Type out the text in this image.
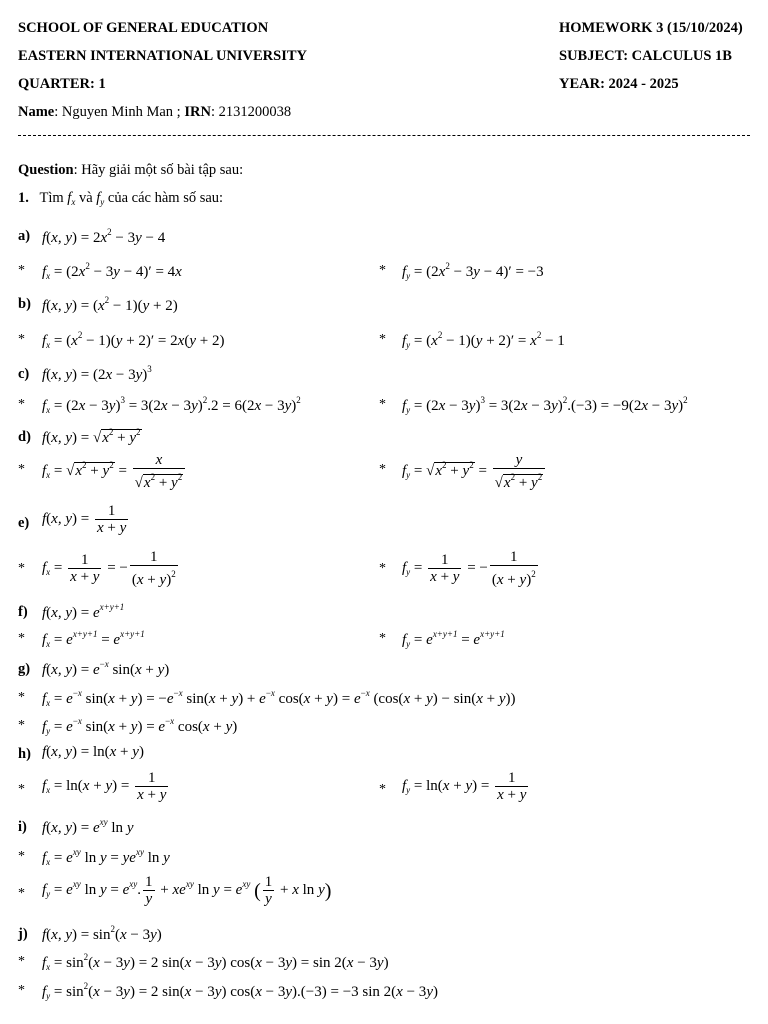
SCHOOL OF GENERAL EDUCATION
EASTERN INTERNATIONAL UNIVERSITY
QUARTER: 1
HOMEWORK 3 (15/10/2024)
SUBJECT: CALCULUS 1B
YEAR: 2024 - 2025
Name: Nguyen Minh Man ; IRN: 2131200038
Question: Hãy giải một số bài tập sau:
1. Tìm $f_x$ và $f_y$ của các hàm số sau:
a) f(x, $y) = 2x^2 - 3y - 4$
* $f_x = (2x^2 - 3y - 4)' = 4x$	* $f_y = (2x^2 - 3y - 4)' = -3$
b) f(x, $y) = (x^2 - 1)(y + 2)$
* $f_x = (x^2 - 1)(y + 2)' = 2x(y + 2)$	* $f_y = (x^2 - 1)(y + 2)' = x^2 - 1$
c) f(x, $y) = (2x - 3y)^3$
* $f_x = (2x - 3y)^3 = 3(2x - 3y)^2.2 = 6(2x - 3y)^2$	* $f_y = (2x - 3y)^3 = 3(2x - 3y)^2.(-3) = -9(2x - 3y)^2$
d) f(x, $y) = √x^2 + y^2$
* $f_x = √x^2 + y^2 = \frac{x}{√x^2 + y^2}$	* $f_y = √x^2 + y^2 = \frac{y}{√x^2 + y^2}$
e) f(x, $y) = \frac{1}{x + y}$
* $f_x = \frac{1}{x + y}$ = − $\frac{1}{(x + y)^2}$	* $f_y = \frac{1}{x + y}$ = − $\frac{1}{(x + y)^2}$
f) f(x, $y) = e^{x+y+1}$
* $f_x = e^{x+y+1} = e^{x+y+1}$	* $f_y = e^{x+y+1} = e^{x+y+1}$
g) f(x, $y) = e^{-x}$ sin(x + y)
* $f_x = e^{-x}$ $\sin(x + y) = -e^{-x}$ $\sin(x + y) + e^{-x}$ $\cos(x + y) = e^{-x}$ (cos(x + y) − sin(x + y))
* $f_y = e^{-x}$ $\sin(x + y) = e^{-x}$ cos(x + y)
h) f(x, y) = ln(x + y)
* $f_x = \ln(x + y) = \frac{1}{x + y}$	* $f_y = \ln(x + y) = \frac{1}{x + y}$
i) f(x, $y) = e^{xy}$ ln y
* $f_x = e^{xy}$ $\ln y = ye^{xy}$ ln y
* $f_y = e^{xy}$ $\ln y = e^{xy}$. $\frac{1}{y} + xe^{xy}$ $\ln y = e^{xy}$ ( $\frac{1}{y} + x$ ln y)
j) f(x, $y) = \sin^2(x - 3y)$
* $f_x = \sin^2(x - 3y) = 2$ sin(x − 3y) cos(x − 3y) = sin 2(x − 3y)
* $f_y = \sin^2(x - 3y) = 2$ sin(x − 3y) cos(x − 3y).(−3) = −3 sin 2(x − 3y)
